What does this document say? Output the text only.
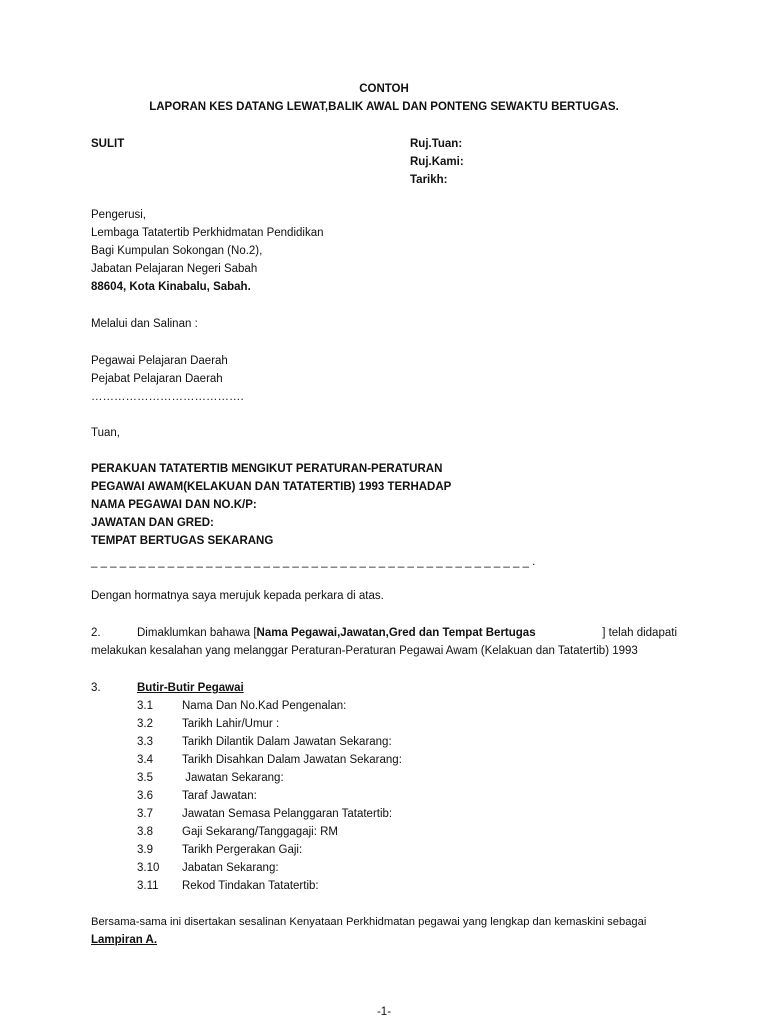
CONTOH
LAPORAN KES DATANG LEWAT,BALIK AWAL DAN PONTENG SEWAKTU BERTUGAS.
SULIT	Ruj.Tuan:
Ruj.Kami:
Tarikh:
Pengerusi,
Lembaga Tatatertib Perkhidmatan Pendidikan
Bagi Kumpulan Sokongan (No.2),
Jabatan Pelajaran Negeri Sabah
88604, Kota Kinabalu, Sabah.
Melalui dan Salinan :
Pegawai Pelajaran Daerah
Pejabat Pelajaran Daerah
………………………………….
Tuan,
PERAKUAN TATATERTIB MENGIKUT PERATURAN-PERATURAN
PEGAWAI AWAM(KELAKUAN DAN TATATERTIB) 1993 TERHADAP
NAMA PEGAWAI DAN NO.K/P:
JAWATAN DAN GRED:
TEMPAT BERTUGAS SEKARANG
_ _ _ _ _ _ _ _ _ _ _ _ _ _ _ _ _ _ _ _ _ _ _ _ _ _ _ _ _ _ _ _ _ _ _ _ _ _ _ _ _ _ _ _ _ _ .
Dengan hormatnya saya merujuk kepada perkara di atas.
2.	Dimaklumkan bahawa [Nama Pegawai,Jawatan,Gred dan Tempat Bertugas	] telah didapati
melakukan kesalahan yang melanggar Peraturan-Peraturan Pegawai Awam (Kelakuan dan Tatatertib) 1993
3.	Butir-Butir Pegawai
3.1	Nama Dan No.Kad Pengenalan:
3.2	Tarikh Lahir/Umur :
3.3	Tarikh Dilantik Dalam Jawatan Sekarang:
3.4	Tarikh Disahkan Dalam Jawatan Sekarang:
3.5	Jawatan Sekarang:
3.6	Taraf Jawatan:
3.7	Jawatan Semasa Pelanggaran Tatatertib:
3.8	Gaji Sekarang/Tanggagaji: RM
3.9	Tarikh Pergerakan Gaji:
3.10 Jabatan Sekarang:
3.11 Rekod Tindakan Tatatertib:
Bersama-sama ini disertakan sesalinan Kenyataan Perkhidmatan pegawai yang lengkap dan kemaskini sebagai
Lampiran A.
-1-
